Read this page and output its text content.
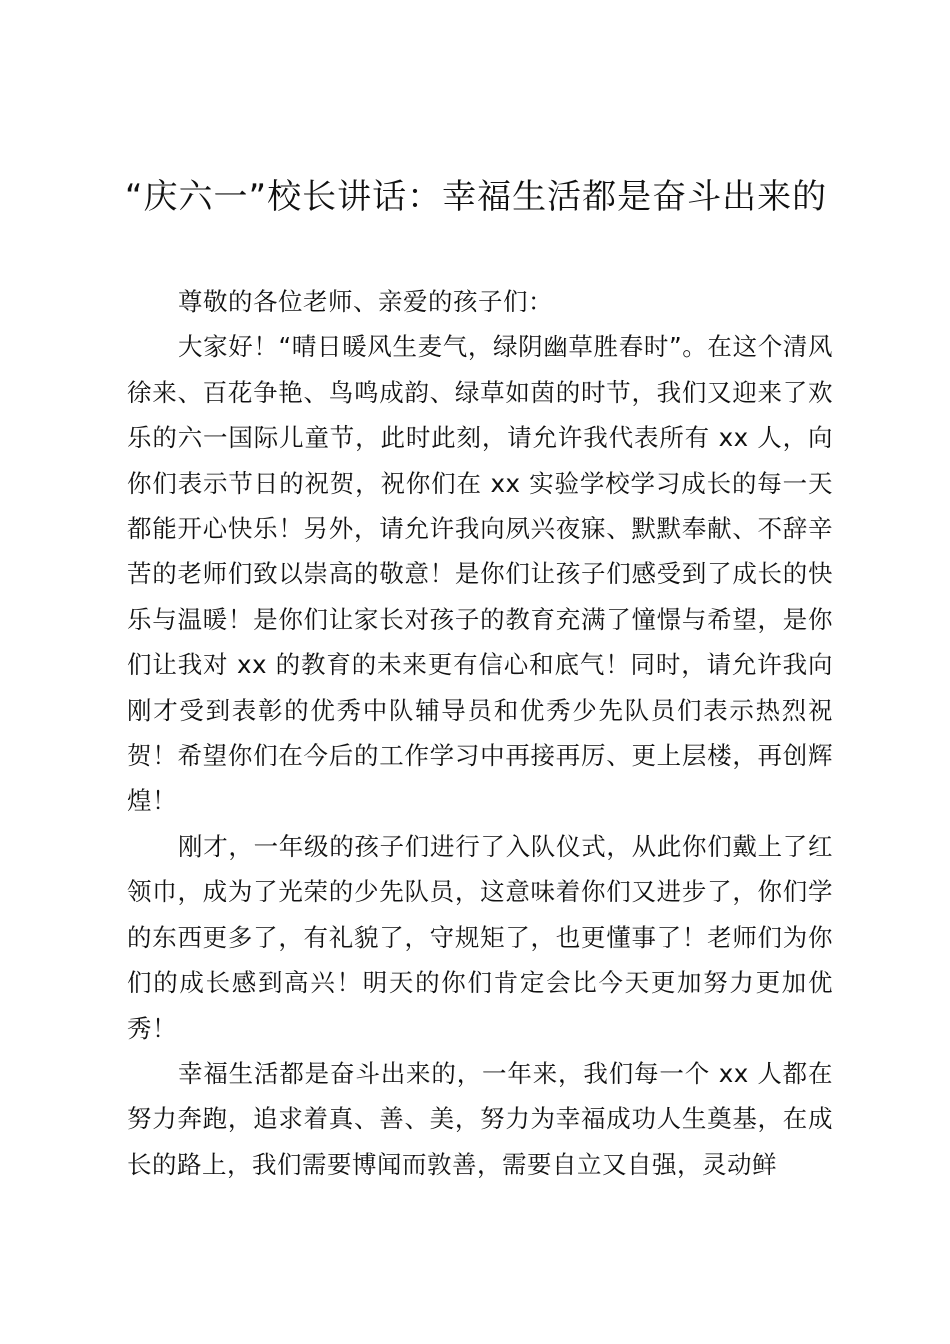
“庆六一”校长讲话：幸福生活都是奋斗出来的

尊敬的各位老师、亲爱的孩子们：

大家好！“晴日暖风生麦气，绿阴幽草胜春时”。在这个清风徐来、百花争艳、鸟鸣成韵、绿草如茵的时节，我们又迎来了欢乐的六一国际儿童节，此时此刻，请允许我代表所有 xx 人，向你们表示节日的祝贺，祝你们在 xx 实验学校学习成长的每一天都能开心快乐！另外，请允许我向夙兴夜寐、默默奉献、不辞辛苦的老师们致以崇高的敬意！是你们让孩子们感受到了成长的快乐与温暖！是你们让家长对孩子的教育充满了憧憬与希望，是你们让我对 xx 的教育的未来更有信心和底气！同时，请允许我向刚才受到表彰的优秀中队辅导员和优秀少先队员们表示热烈祝贺！希望你们在今后的工作学习中再接再厉、更上层楼，再创辉煌！

刚才，一年级的孩子们进行了入队仪式，从此你们戴上了红领巾，成为了光荣的少先队员，这意味着你们又进步了，你们学的东西更多了，有礼貌了，守规矩了，也更懂事了！老师们为你们的成长感到高兴！明天的你们肯定会比今天更加努力更加优秀！

幸福生活都是奋斗出来的，一年来，我们每一个 xx 人都在努力奔跑，追求着真、善、美，努力为幸福成功人生奠基，在成长的路上，我们需要博闻而敦善，需要自立又自强，灵动鲜
